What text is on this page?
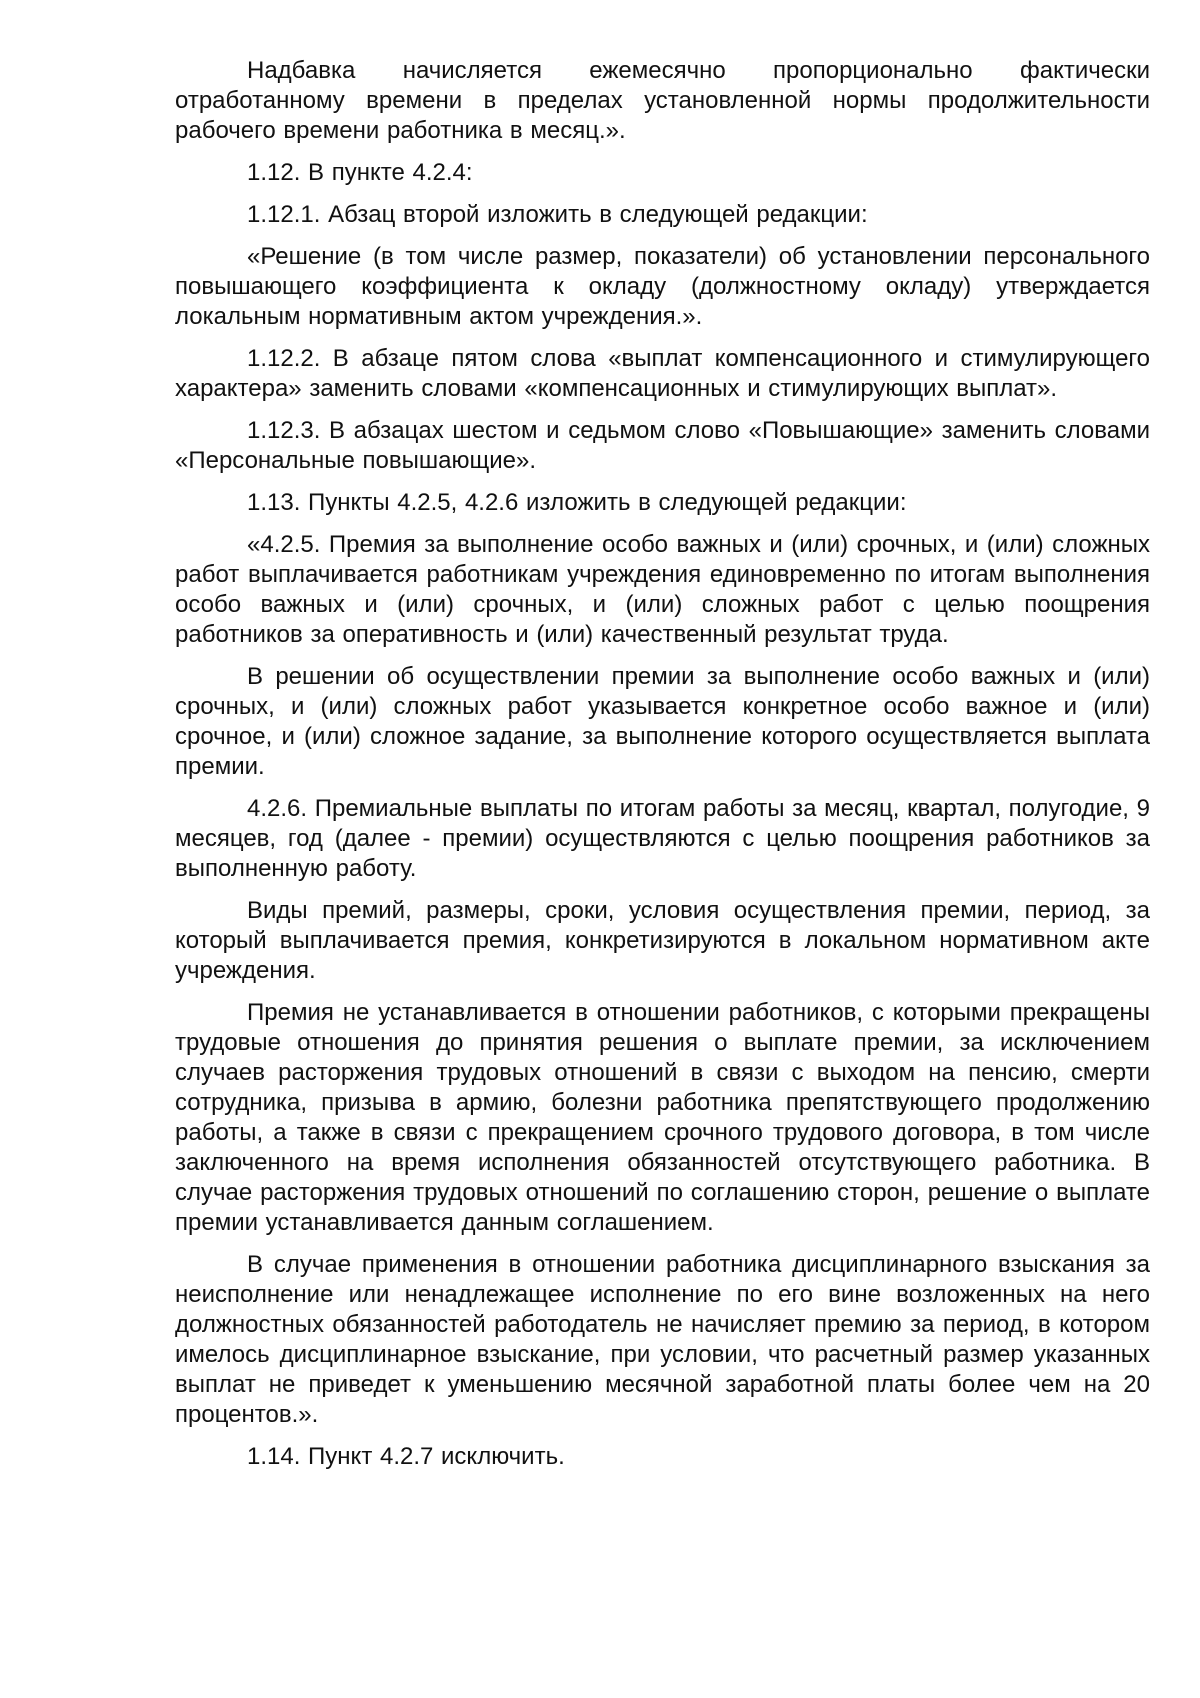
Надбавка начисляется ежемесячно пропорционально фактически отработанному времени в пределах установленной нормы продолжительности рабочего времени работника в месяц.».

1.12. В пункте 4.2.4:

1.12.1. Абзац второй изложить в следующей редакции:

«Решение (в том числе размер, показатели) об установлении персонального повышающего коэффициента к окладу (должностному окладу) утверждается локальным нормативным актом учреждения.».

1.12.2. В абзаце пятом слова «выплат компенсационного и стимулирующего характера» заменить словами «компенсационных и стимулирующих выплат».

1.12.3. В абзацах шестом и седьмом слово «Повышающие» заменить словами «Персональные повышающие».

1.13. Пункты 4.2.5, 4.2.6 изложить в следующей редакции:

«4.2.5. Премия за выполнение особо важных и (или) срочных, и (или) сложных работ выплачивается работникам учреждения единовременно по итогам выполнения особо важных и (или) срочных, и (или) сложных работ с целью поощрения работников за оперативность и (или) качественный результат труда.

В решении об осуществлении премии за выполнение особо важных и (или) срочных, и (или) сложных работ указывается конкретное особо важное и (или) срочное, и (или) сложное задание, за выполнение которого осуществляется выплата премии.

4.2.6. Премиальные выплаты по итогам работы за месяц, квартал, полугодие, 9 месяцев, год (далее - премии) осуществляются с целью поощрения работников за выполненную работу.

Виды премий, размеры, сроки, условия осуществления премии, период, за который выплачивается премия, конкретизируются в локальном нормативном акте учреждения.

Премия не устанавливается в отношении работников, с которыми прекращены трудовые отношения до принятия решения о выплате премии, за исключением случаев расторжения трудовых отношений в связи с выходом на пенсию, смерти сотрудника, призыва в армию, болезни работника препятствующего продолжению работы, а также в связи с прекращением срочного трудового договора, в том числе заключенного на время исполнения обязанностей отсутствующего работника. В случае расторжения трудовых отношений по соглашению сторон, решение о выплате премии устанавливается данным соглашением.

В случае применения в отношении работника дисциплинарного взыскания за неисполнение или ненадлежащее исполнение по его вине возложенных на него должностных обязанностей работодатель не начисляет премию за период, в котором имелось дисциплинарное взыскание, при условии, что расчетный размер указанных выплат не приведет к уменьшению месячной заработной платы более чем на 20 процентов.».

1.14. Пункт 4.2.7 исключить.
